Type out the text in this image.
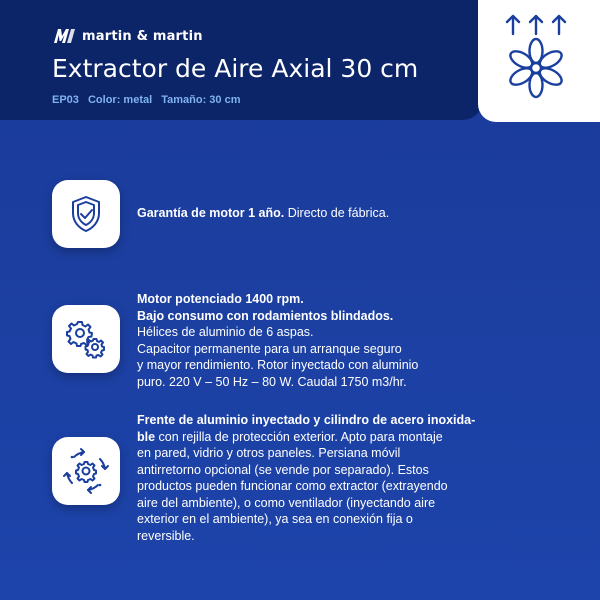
martin & martin
Extractor de Aire Axial 30 cm
EP03 Color: metal Tamaño: 30 cm
Garantía de motor 1 año. Directo de fábrica.
Motor potenciado 1400 rpm.
Bajo consumo con rodamientos blindados.
Hélices de aluminio de 6 aspas.
Capacitor permanente para un arranque seguro
y mayor rendimiento. Rotor inyectado con aluminio
puro. 220 V – 50 Hz – 80 W. Caudal 1750 m3/hr.
Frente de aluminio inyectado y cilindro de acero inoxida-
ble con rejilla de protección exterior. Apto para montaje
en pared, vidrio y otros paneles. Persiana móvil
antirretorno opcional (se vende por separado). Estos
productos pueden funcionar como extractor (extrayendo
aire del ambiente), o como ventilador (inyectando aire
exterior en el ambiente), ya sea en conexión fija o
reversible.
